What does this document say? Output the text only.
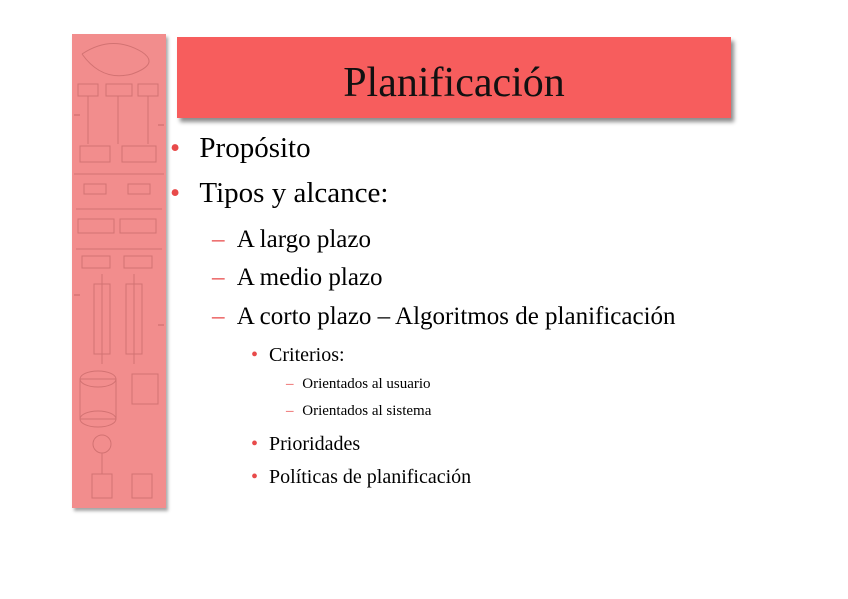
Planificación
• Propósito
• Tipos y alcance:
– A largo plazo
– A medio plazo
– A corto plazo – Algoritmos de planificación
• Criterios:
– Orientados al usuario
– Orientados al sistema
• Prioridades
• Políticas de planificación
